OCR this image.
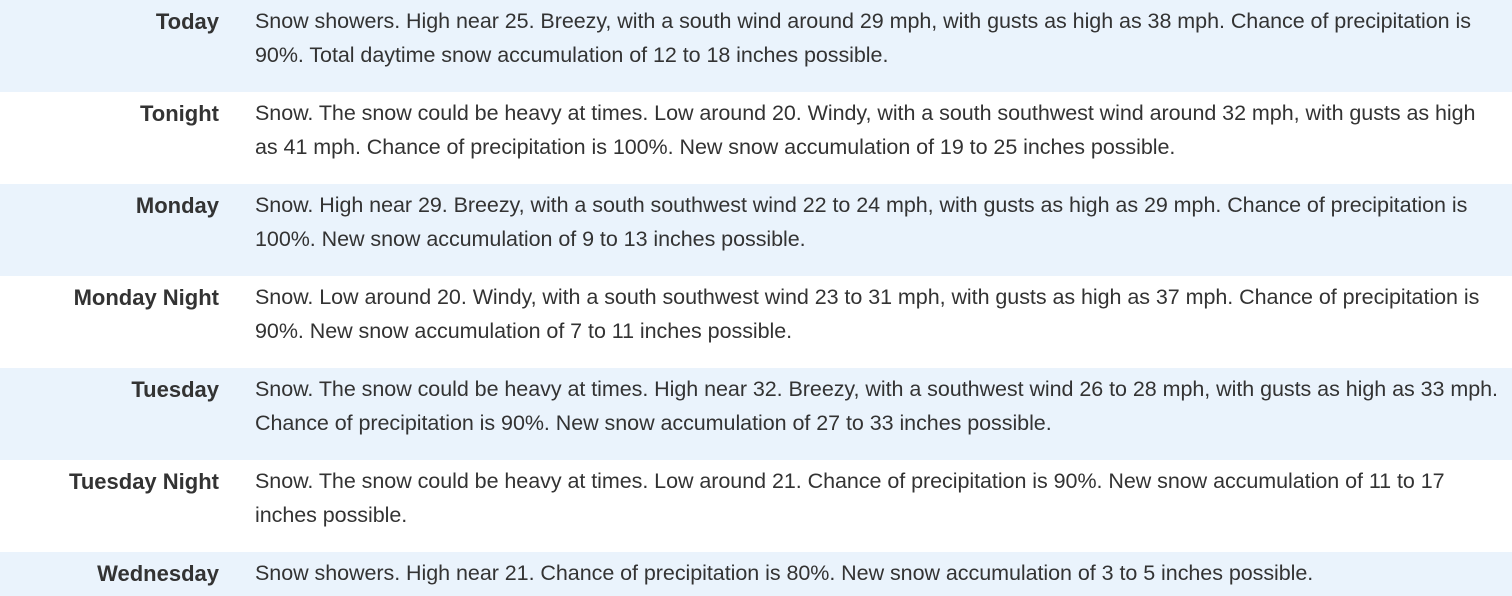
Today Snow showers. High near 25. Breezy, with a south wind around 29 mph, with gusts as high as 38 mph. Chance of precipitation is 90%. Total daytime snow accumulation of 12 to 18 inches possible.
Tonight Snow. The snow could be heavy at times. Low around 20. Windy, with a south southwest wind around 32 mph, with gusts as high as 41 mph. Chance of precipitation is 100%. New snow accumulation of 19 to 25 inches possible.
Monday Snow. High near 29. Breezy, with a south southwest wind 22 to 24 mph, with gusts as high as 29 mph. Chance of precipitation is 100%. New snow accumulation of 9 to 13 inches possible.
Monday Night Snow. Low around 20. Windy, with a south southwest wind 23 to 31 mph, with gusts as high as 37 mph. Chance of precipitation is 90%. New snow accumulation of 7 to 11 inches possible.
Tuesday Snow. The snow could be heavy at times. High near 32. Breezy, with a southwest wind 26 to 28 mph, with gusts as high as 33 mph. Chance of precipitation is 90%. New snow accumulation of 27 to 33 inches possible.
Tuesday Night Snow. The snow could be heavy at times. Low around 21. Chance of precipitation is 90%. New snow accumulation of 11 to 17 inches possible.
Wednesday Snow showers. High near 21. Chance of precipitation is 80%. New snow accumulation of 3 to 5 inches possible.
